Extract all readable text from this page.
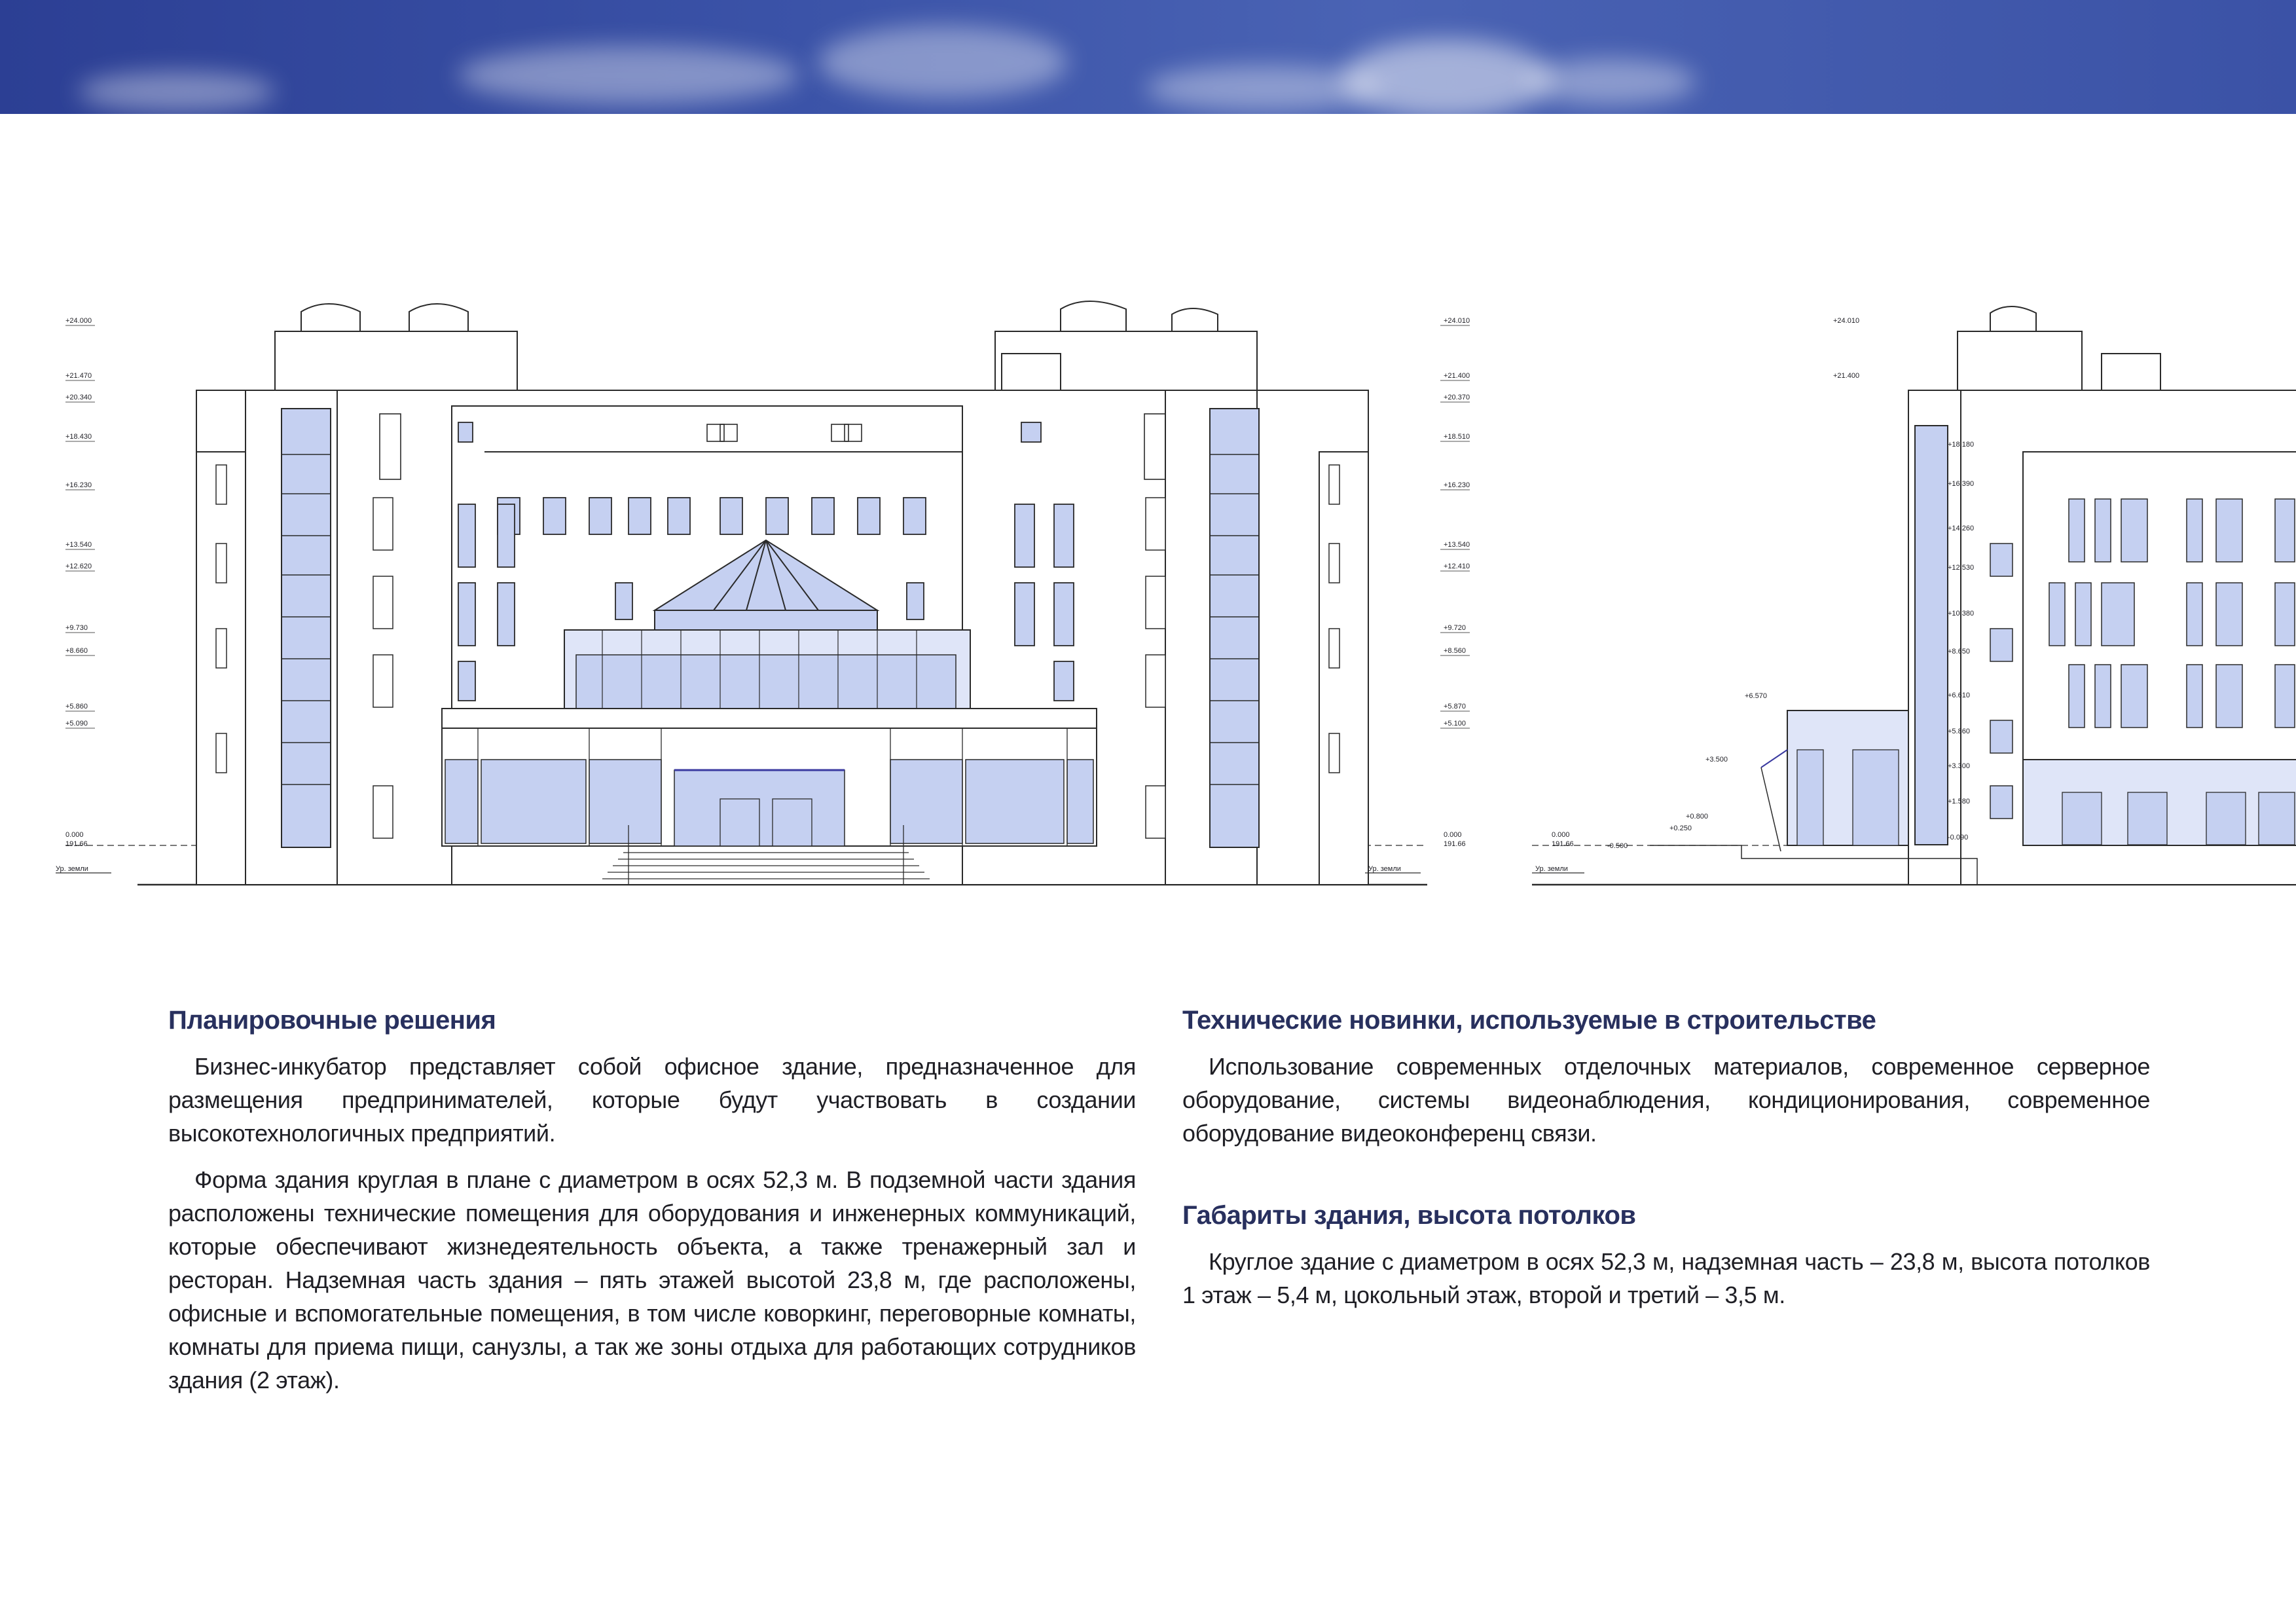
+24.000
+21.470
+20.340
+18.430
+16.230
+13.540
+12.620
+9.730
+8.660
+5.860
+5.090
0.000
191.66
Ур. земли
+24.010
+21.400
+20.370
+18.510
+16.230
+13.540
+12.410
+9.720
+8.560
+5.870
+5.100
0.000
191.66
Ур. земли
+24.010
+21.400
+18.180
+16.390
+14.260
+12.530
+10.380
+8.650
+6.610
+5.860
+3.300
+1.580
-0.090
+6.570
+3.500
+0.800
+0.250
0.000
191.66	-0.500
Ур. земли
Планировочные решения

Бизнес-инкубатор представляет собой офисное здание, предназначенное для размещения предпринимателей, которые будут участвовать в создании высокотехнологичных предприятий.

Форма здания круглая в плане с диаметром в осях 52,3 м. В подземной части здания расположены технические помещения для оборудования и инженерных коммуникаций, которые обеспечивают жизнедеятельность объекта, а также тренажерный зал и ресторан. Надземная часть здания – пять этажей высотой 23,8 м, где расположены, офисные и вспомогательные помещения, в том числе коворкинг, переговорные комнаты, комнаты для приема пищи, санузлы, а так же зоны отдыха для работающих сотрудников здания (2 этаж).

Технические новинки, используемые в строительстве

Использование современных отделочных материалов, современное серверное оборудование, системы видеонаблюдения, кондиционирования, современное оборудование видеоконференц связи.

Габариты здания, высота потолков

Круглое здание с диаметром в осях 52,3 м, надземная часть – 23,8 м, высота потолков 1 этаж – 5,4 м, цокольный этаж, второй и третий – 3,5 м.
